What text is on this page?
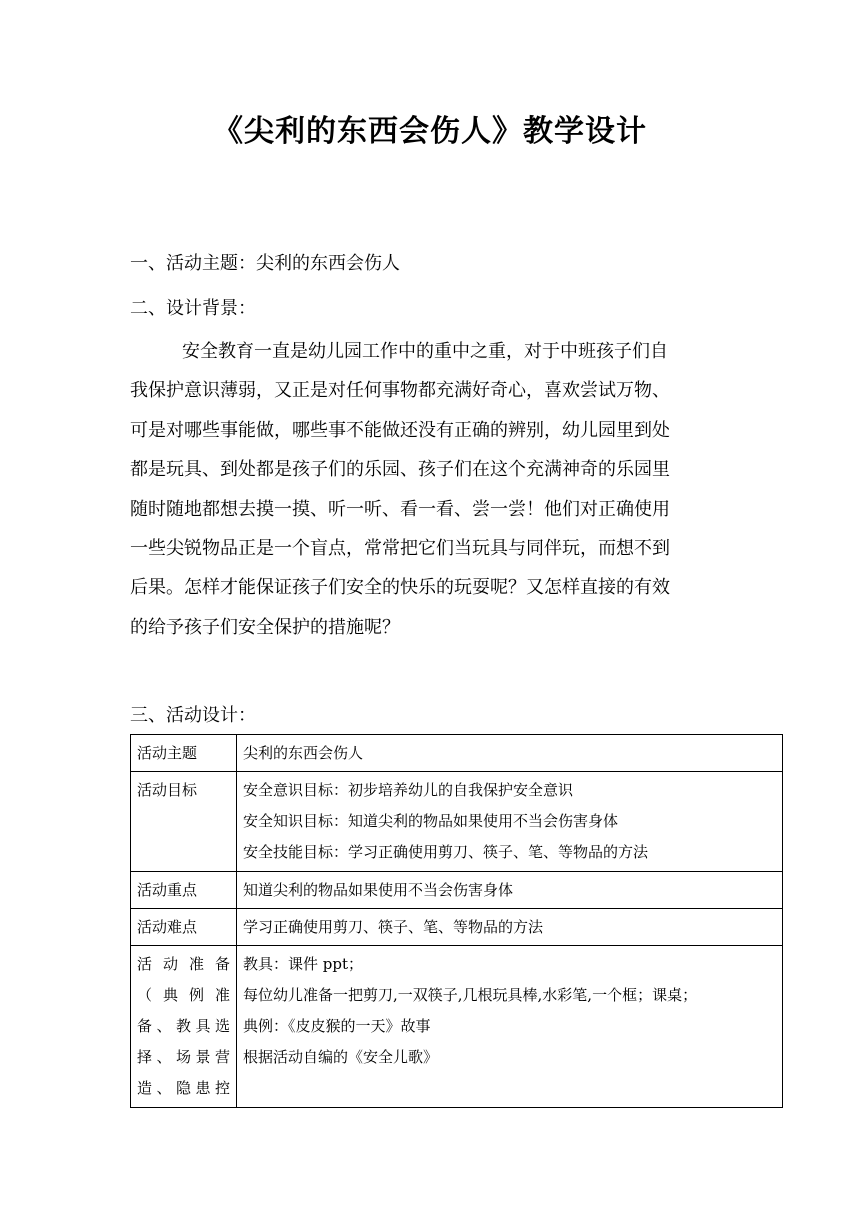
《尖利的东西会伤人》教学设计

一、活动主题：尖利的东西会伤人

二、设计背景：

安全教育一直是幼儿园工作中的重中之重，对于中班孩子们自
我保护意识薄弱，又正是对任何事物都充满好奇心，喜欢尝试万物、
可是对哪些事能做，哪些事不能做还没有正确的辨别，幼儿园里到处
都是玩具、到处都是孩子们的乐园、孩子们在这个充满神奇的乐园里
随时随地都想去摸一摸、听一听、看一看、尝一尝！他们对正确使用
一些尖锐物品正是一个盲点，常常把它们当玩具与同伴玩，而想不到
后果。怎样才能保证孩子们安全的快乐的玩耍呢？又怎样直接的有效
的给予孩子们安全保护的措施呢？

三、活动设计：

活动主题	尖利的东西会伤人
活动目标	安全意识目标：初步培养幼儿的自我保护安全意识
安全知识目标：知道尖利的物品如果使用不当会伤害身体
安全技能目标：学习正确使用剪刀、筷子、笔、等物品的方法

活动重点	知道尖利的物品如果使用不当会伤害身体
活动难点	学习正确使用剪刀、筷子、笔、等物品的方法

活 动 准 备
（ 典 例 准
备、教具选
择、场景营
造、隐患控	教具：课件 ppt；
每位幼儿准备一把剪刀,一双筷子,几根玩具棒,水彩笔,一个框；课桌；
典例：《皮皮猴的一天》故事
根据活动自编的《安全儿歌》
